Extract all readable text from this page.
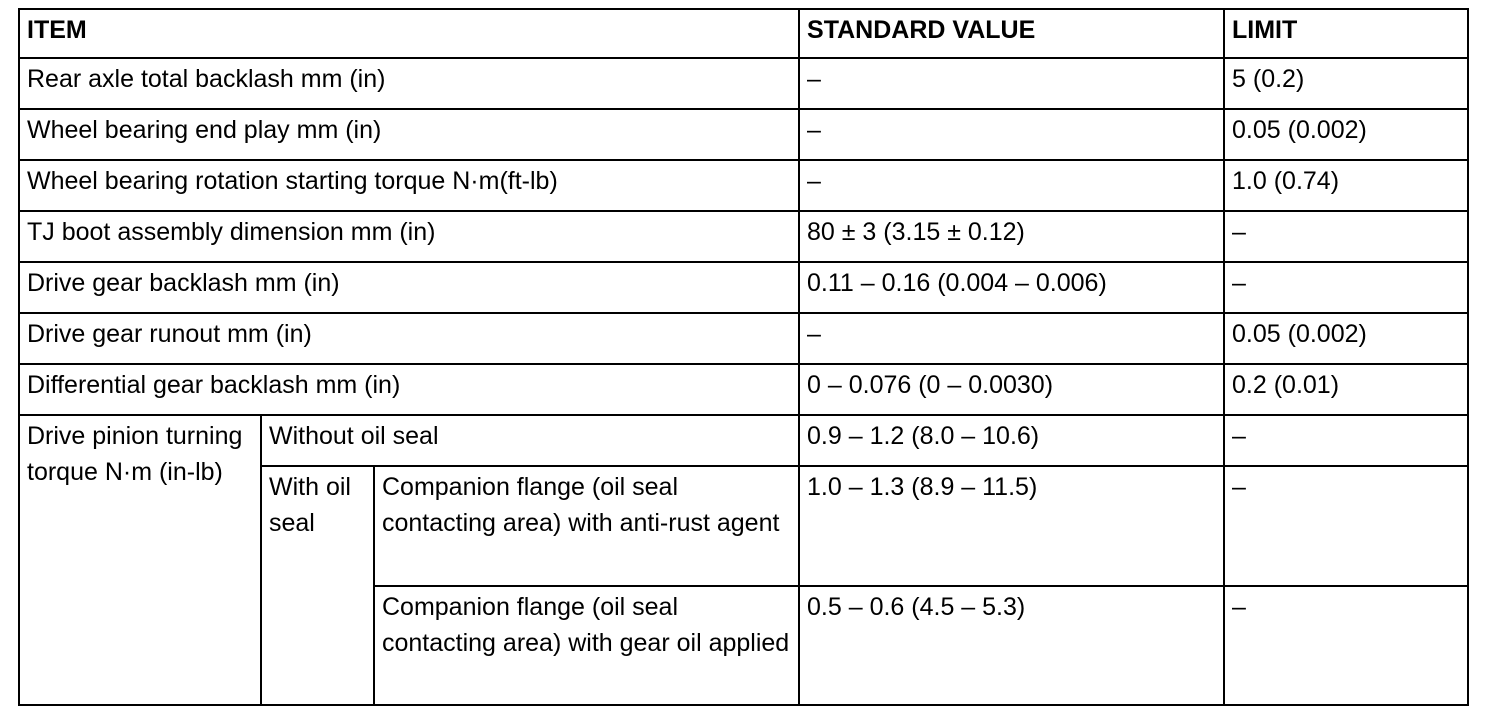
ITEM			STANDARD VALUE	LIMIT
Rear axle total backlash mm (in)			–	5 (0.2)
Wheel bearing end play mm (in)			–	0.05 (0.002)
Wheel bearing rotation starting torque N·m(ft-lb)			–	1.0 (0.74)
TJ boot assembly dimension mm (in)			80 ± 3 (3.15 ± 0.12)	–
Drive gear backlash mm (in)			0.11 – 0.16 (0.004 – 0.006)	–
Drive gear runout mm (in)			–	0.05 (0.002)
Differential gear backlash mm (in)			0 – 0.076 (0 – 0.0030)	0.2 (0.01)
Drive pinion turning torque N·m (in-lb)	Without oil seal		0.9 – 1.2 (8.0 – 10.6)	–
	With oil seal	Companion flange (oil seal contacting area) with anti-rust agent	1.0 – 1.3 (8.9 – 11.5)	–
		Companion flange (oil seal contacting area) with gear oil applied	0.5 – 0.6 (4.5 – 5.3)	–
